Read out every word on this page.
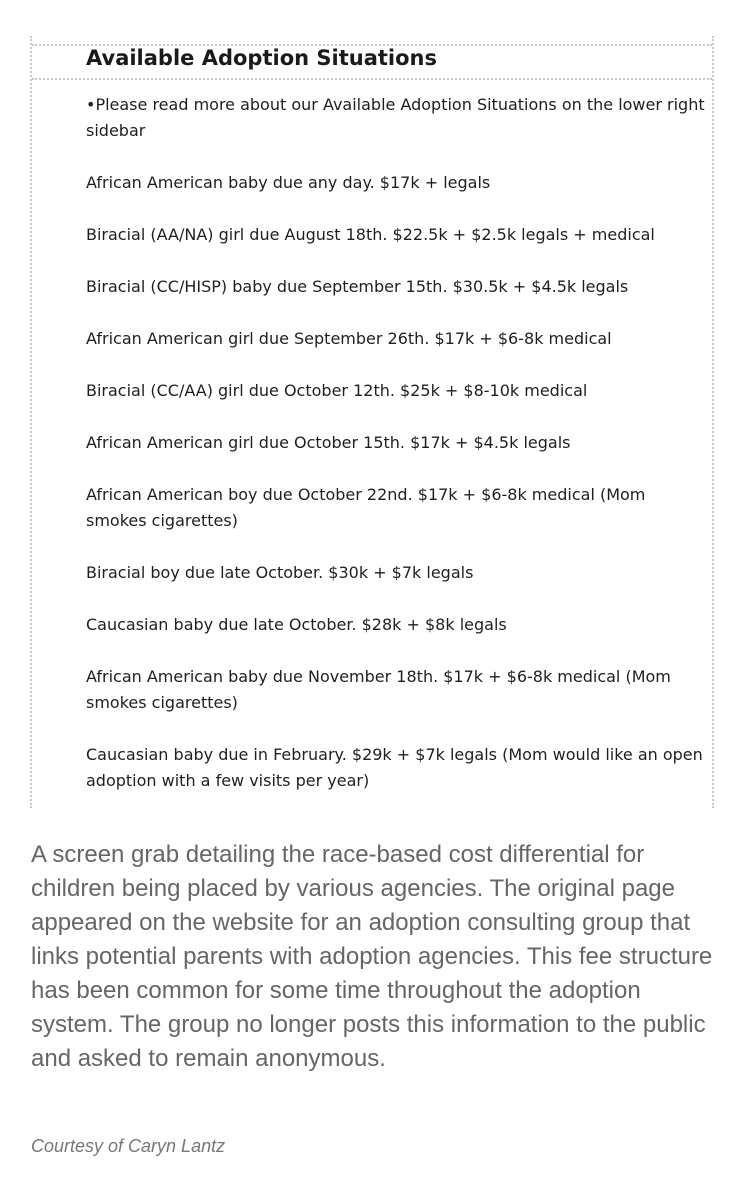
Available Adoption Situations

•Please read more about our Available Adoption Situations on the lower right sidebar

African American baby due any day. $17k + legals
Biracial (AA/NA) girl due August 18th. $22.5k + $2.5k legals + medical
Biracial (CC/HISP) baby due September 15th. $30.5k + $4.5k legals
African American girl due September 26th. $17k + $6-8k medical
Biracial (CC/AA) girl due October 12th. $25k + $8-10k medical
African American girl due October 15th. $17k + $4.5k legals
African American boy due October 22nd. $17k + $6-8k medical (Mom smokes cigarettes)
Biracial boy due late October. $30k + $7k legals
Caucasian baby due late October. $28k + $8k legals
African American baby due November 18th. $17k + $6-8k medical (Mom smokes cigarettes)
Caucasian baby due in February. $29k + $7k legals (Mom would like an open adoption with a few visits per year)

A screen grab detailing the race-based cost differential for children being placed by various agencies. The original page appeared on the website for an adoption consulting group that links potential parents with adoption agencies. This fee structure has been common for some time throughout the adoption system. The group no longer posts this information to the public and asked to remain anonymous.

Courtesy of Caryn Lantz
